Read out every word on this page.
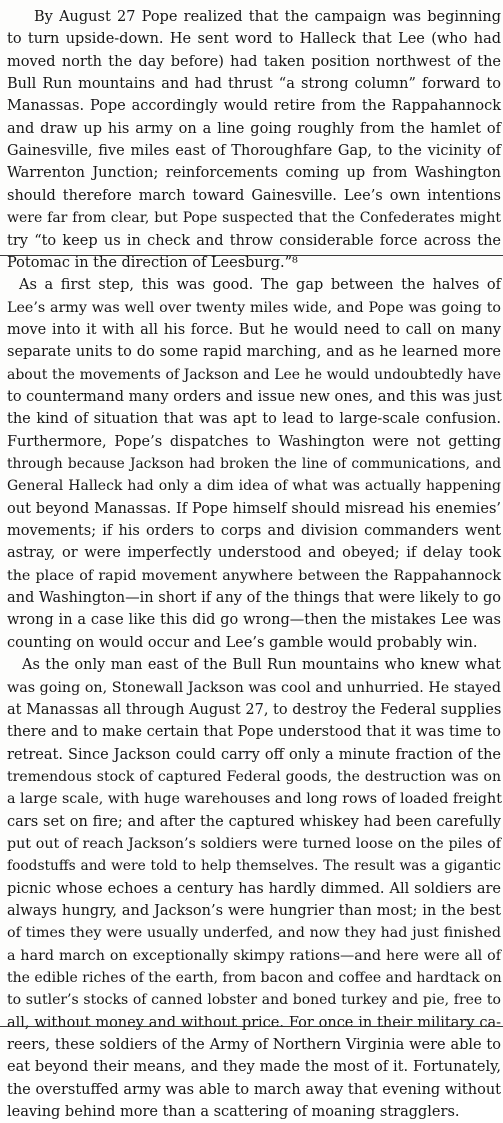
By August 27 Pope realized that the campaign was beginning

to turn upside-down. He sent word to Halleck that Lee (who had

moved north the day before) had taken position northwest of the

Bull Run mountains and had thrust “a strong column” forward to

Manassas. Pope accordingly would retire from the Rappahannock

and draw up his army on a line going roughly from the hamlet of

Gainesville, five miles east of Thoroughfare Gap, to the vicinity of

Warrenton Junction; reinforcements coming up from Washington

should therefore march toward Gainesville. Lee’s own intentions

were far from clear, but Pope suspected that the Confederates might

try “to keep us in check and throw considerable force across the

Potomac in the direction of Leesburg.”⁸

As a first step, this was good. The gap between the halves of

Lee’s army was well over twenty miles wide, and Pope was going to

move into it with all his force. But he would need to call on many

separate units to do some rapid marching, and as he learned more

about the movements of Jackson and Lee he would undoubtedly have

to countermand many orders and issue new ones, and this was just

the kind of situation that was apt to lead to large-scale confusion.

Furthermore, Pope’s dispatches to Washington were not getting

through because Jackson had broken the line of communications, and

General Halleck had only a dim idea of what was actually happening

out beyond Manassas. If Pope himself should misread his enemies’

movements; if his orders to corps and division commanders went

astray, or were imperfectly understood and obeyed; if delay took

the place of rapid movement anywhere between the Rappahannock

and Washington—in short if any of the things that were likely to go

wrong in a case like this did go wrong—then the mistakes Lee was

counting on would occur and Lee’s gamble would probably win.

As the only man east of the Bull Run mountains who knew what

was going on, Stonewall Jackson was cool and unhurried. He stayed

at Manassas all through August 27, to destroy the Federal supplies

there and to make certain that Pope understood that it was time to

retreat. Since Jackson could carry off only a minute fraction of the

tremendous stock of captured Federal goods, the destruction was on

a large scale, with huge warehouses and long rows of loaded freight

cars set on fire; and after the captured whiskey had been carefully

put out of reach Jackson’s soldiers were turned loose on the piles of

foodstuffs and were told to help themselves. The result was a gigantic

picnic whose echoes a century has hardly dimmed. All soldiers are

always hungry, and Jackson’s were hungrier than most; in the best

of times they were usually underfed, and now they had just finished

a hard march on exceptionally skimpy rations—and here were all of

the edible riches of the earth, from bacon and coffee and hardtack on

to sutler’s stocks of canned lobster and boned turkey and pie, free to

all, without money and without price. For once in their military ca-

reers, these soldiers of the Army of Northern Virginia were able to

eat beyond their means, and they made the most of it. Fortunately,

the overstuffed army was able to march away that evening without

leaving behind more than a scattering of moaning stragglers.
